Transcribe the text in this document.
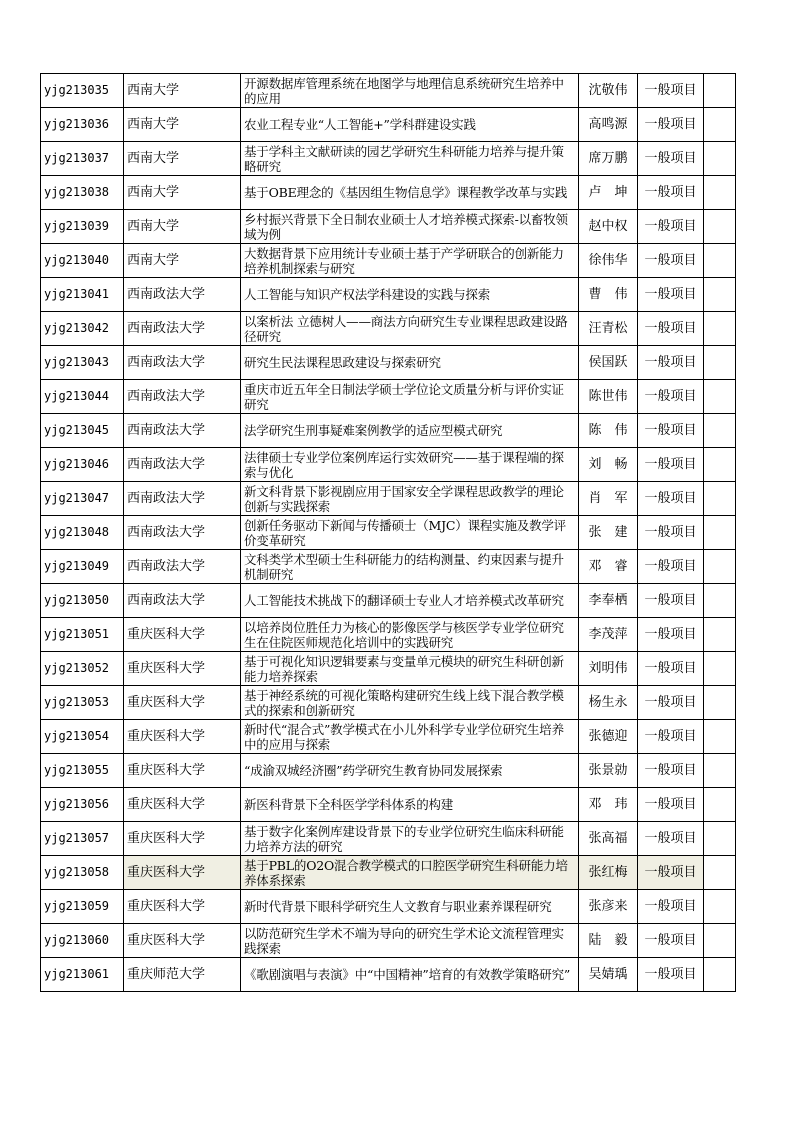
yjg213035	西南大学	开源数据库管理系统在地图学与地理信息系统研究生培养中的应用	沈敬伟	一般项目	
yjg213036	西南大学	农业工程专业“人工智能+”学科群建设实践	高鸣源	一般项目	
yjg213037	西南大学	基于学科主文献研读的园艺学研究生科研能力培养与提升策略研究	席万鹏	一般项目	
yjg213038	西南大学	基于OBE理念的《基因组生物信息学》课程教学改革与实践	卢　坤	一般项目	
yjg213039	西南大学	乡村振兴背景下全日制农业硕士人才培养模式探索-以畜牧领域为例	赵中权	一般项目	
yjg213040	西南大学	大数据背景下应用统计专业硕士基于产学研联合的创新能力培养机制探索与研究	徐伟华	一般项目	
yjg213041	西南政法大学	人工智能与知识产权法学科建设的实践与探索	曹　伟	一般项目	
yjg213042	西南政法大学	以案析法 立德树人——商法方向研究生专业课程思政建设路径研究	汪青松	一般项目	
yjg213043	西南政法大学	研究生民法课程思政建设与探索研究	侯国跃	一般项目	
yjg213044	西南政法大学	重庆市近五年全日制法学硕士学位论文质量分析与评价实证研究	陈世伟	一般项目	
yjg213045	西南政法大学	法学研究生刑事疑难案例教学的适应型模式研究	陈　伟	一般项目	
yjg213046	西南政法大学	法律硕士专业学位案例库运行实效研究——基于课程端的探索与优化	刘　畅	一般项目	
yjg213047	西南政法大学	新文科背景下影视剧应用于国家安全学课程思政教学的理论创新与实践探索	肖　军	一般项目	
yjg213048	西南政法大学	创新任务驱动下新闻与传播硕士（MJC）课程实施及教学评价变革研究	张　建	一般项目	
yjg213049	西南政法大学	文科类学术型硕士生科研能力的结构测量、约束因素与提升机制研究	邓　睿	一般项目	
yjg213050	西南政法大学	人工智能技术挑战下的翻译硕士专业人才培养模式改革研究	李奉栖	一般项目	
yjg213051	重庆医科大学	以培养岗位胜任力为核心的影像医学与核医学专业学位研究生在住院医师规范化培训中的实践研究	李茂萍	一般项目	
yjg213052	重庆医科大学	基于可视化知识逻辑要素与变量单元模块的研究生科研创新能力培养探索	刘明伟	一般项目	
yjg213053	重庆医科大学	基于神经系统的可视化策略构建研究生线上线下混合教学模式的探索和创新研究	杨生永	一般项目	
yjg213054	重庆医科大学	新时代“混合式”教学模式在小儿外科学专业学位研究生培养中的应用与探索	张德迎	一般项目	
yjg213055	重庆医科大学	“成渝双城经济圈”药学研究生教育协同发展探索	张景勍	一般项目	
yjg213056	重庆医科大学	新医科背景下全科医学学科体系的构建	邓　玮	一般项目	
yjg213057	重庆医科大学	基于数字化案例库建设背景下的专业学位研究生临床科研能力培养方法的研究	张高福	一般项目	
yjg213058	重庆医科大学	基于PBL的O2O混合教学模式的口腔医学研究生科研能力培养体系探索	张红梅	一般项目	
yjg213059	重庆医科大学	新时代背景下眼科学研究生人文教育与职业素养课程研究	张彦来	一般项目	
yjg213060	重庆医科大学	以防范研究生学术不端为导向的研究生学术论文流程管理实践探索	陆　毅	一般项目	
yjg213061	重庆师范大学	《歌剧演唱与表演》中“中国精神”培育的有效教学策略研究”	吴婧瑀	一般项目	
